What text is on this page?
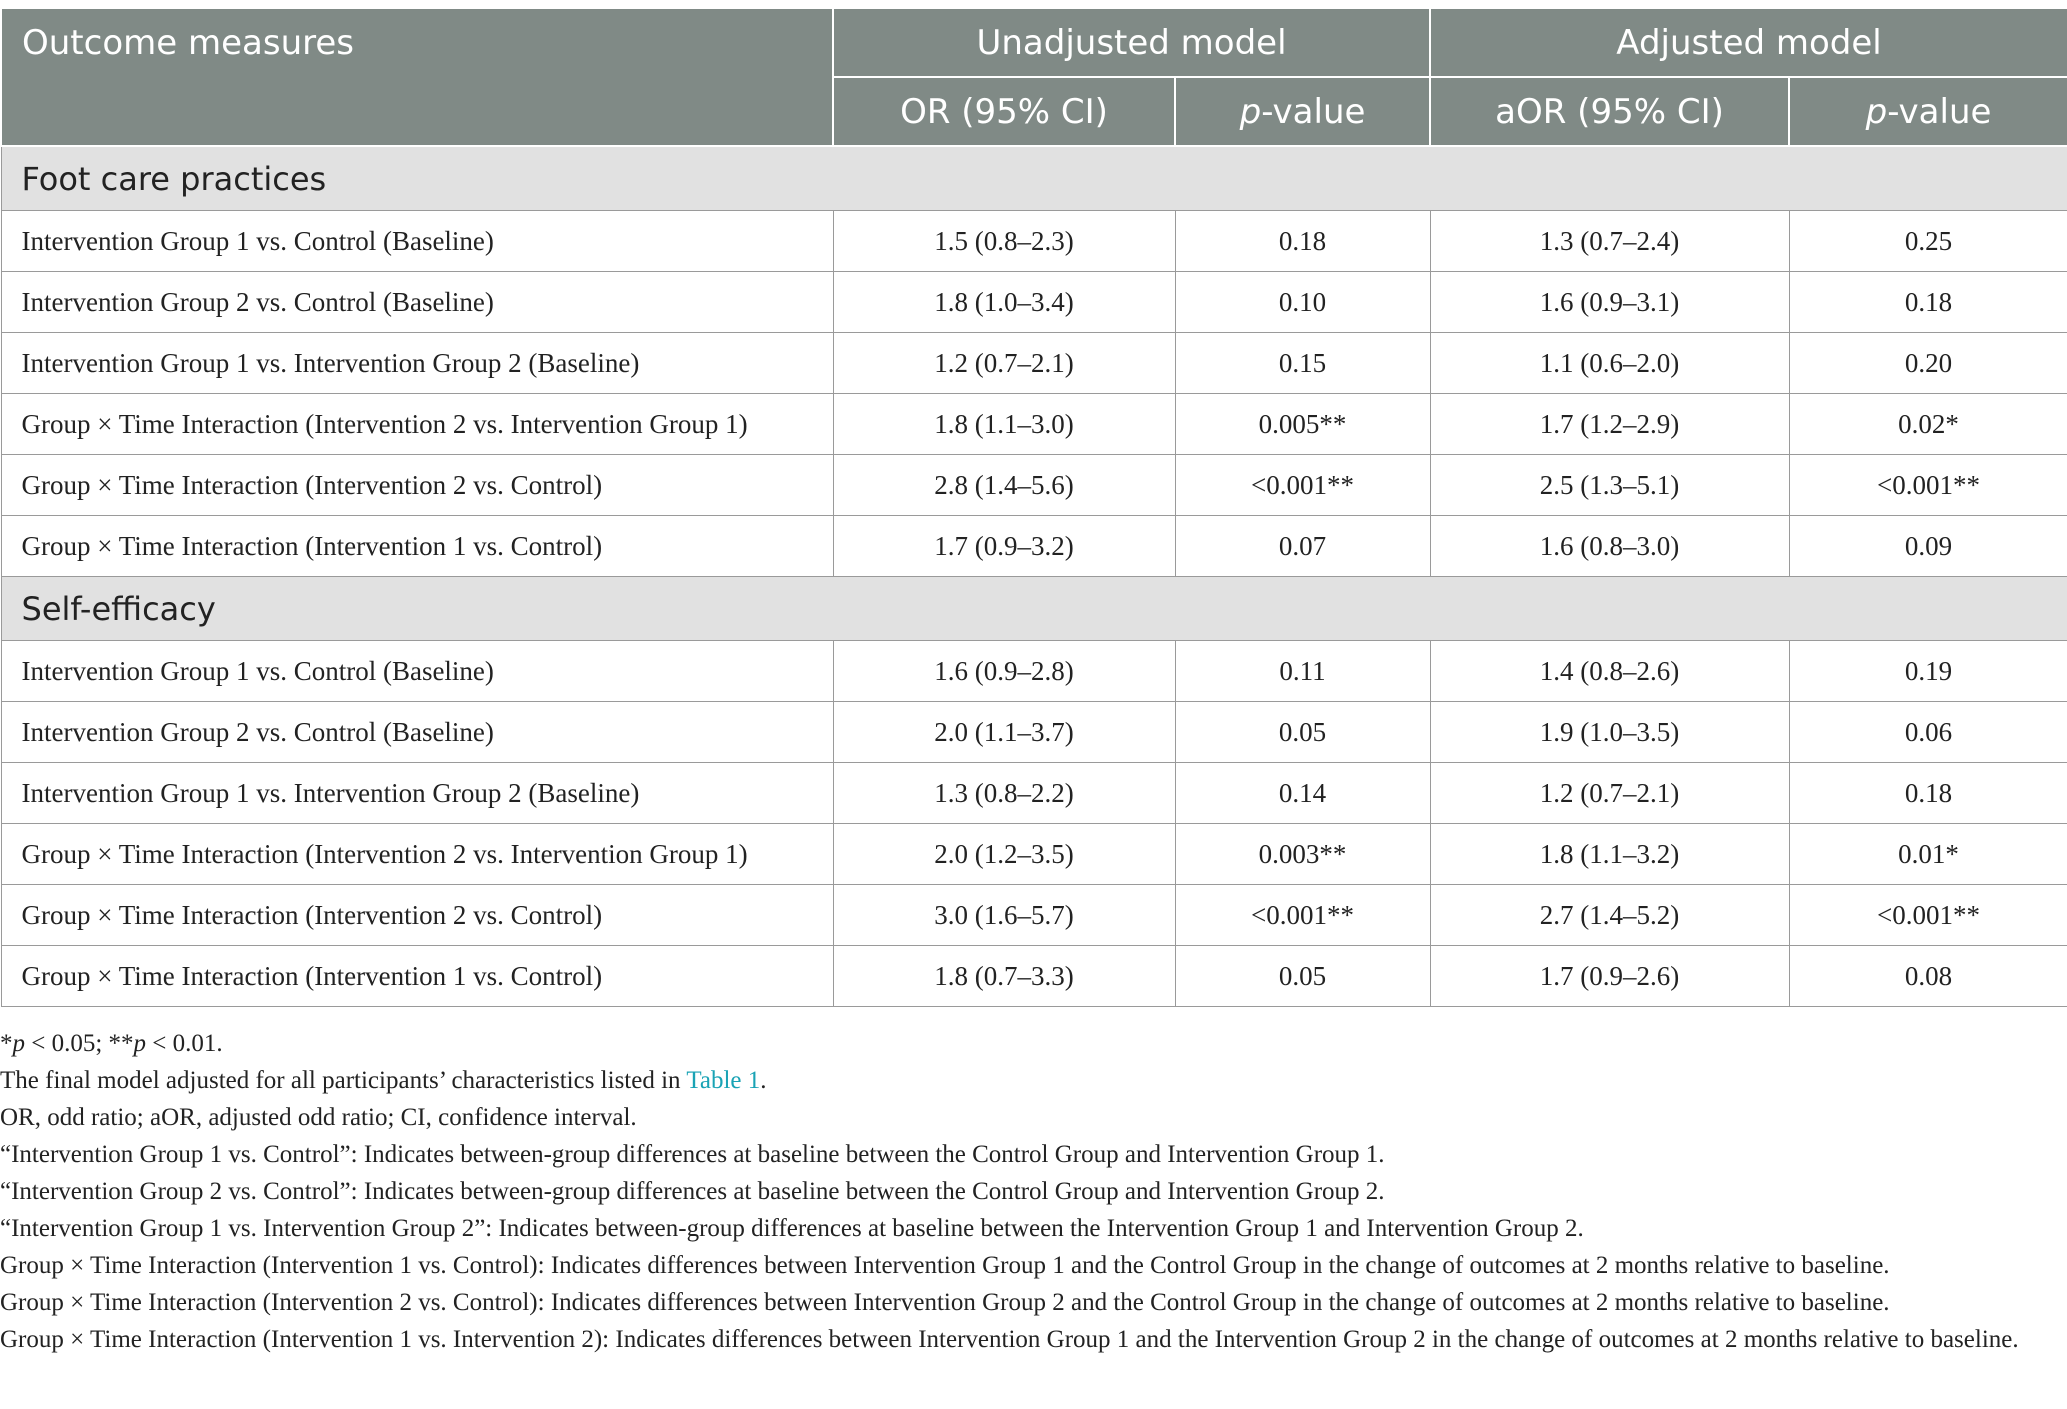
Outcome measures	Unadjusted model		Adjusted model	
	OR (95% CI)	p-value	aOR (95% CI)	p-value
Foot care practices				
Intervention Group 1 vs. Control (Baseline)	1.5 (0.8–2.3)	0.18	1.3 (0.7–2.4)	0.25
Intervention Group 2 vs. Control (Baseline)	1.8 (1.0–3.4)	0.10	1.6 (0.9–3.1)	0.18
Intervention Group 1 vs. Intervention Group 2 (Baseline)	1.2 (0.7–2.1)	0.15	1.1 (0.6–2.0)	0.20
Group × Time Interaction (Intervention 2 vs. Intervention Group 1)	1.8 (1.1–3.0)	0.005**	1.7 (1.2–2.9)	0.02*
Group × Time Interaction (Intervention 2 vs. Control)	2.8 (1.4–5.6)	<0.001**	2.5 (1.3–5.1)	<0.001**
Group × Time Interaction (Intervention 1 vs. Control)	1.7 (0.9–3.2)	0.07	1.6 (0.8–3.0)	0.09
Self-efficacy				
Intervention Group 1 vs. Control (Baseline)	1.6 (0.9–2.8)	0.11	1.4 (0.8–2.6)	0.19
Intervention Group 2 vs. Control (Baseline)	2.0 (1.1–3.7)	0.05	1.9 (1.0–3.5)	0.06
Intervention Group 1 vs. Intervention Group 2 (Baseline)	1.3 (0.8–2.2)	0.14	1.2 (0.7–2.1)	0.18
Group × Time Interaction (Intervention 2 vs. Intervention Group 1)	2.0 (1.2–3.5)	0.003**	1.8 (1.1–3.2)	0.01*
Group × Time Interaction (Intervention 2 vs. Control)	3.0 (1.6–5.7)	<0.001**	2.7 (1.4–5.2)	<0.001**
Group × Time Interaction (Intervention 1 vs. Control)	1.8 (0.7–3.3)	0.05	1.7 (0.9–2.6)	0.08

*p < 0.05; **p < 0.01.

The final model adjusted for all participants’ characteristics listed in Table 1.

OR, odd ratio; aOR, adjusted odd ratio; CI, confidence interval.

“Intervention Group 1 vs. Control”: Indicates between-group differences at baseline between the Control Group and Intervention Group 1.

“Intervention Group 2 vs. Control”: Indicates between-group differences at baseline between the Control Group and Intervention Group 2.

“Intervention Group 1 vs. Intervention Group 2”: Indicates between-group differences at baseline between the Intervention Group 1 and Intervention Group 2.

Group × Time Interaction (Intervention 1 vs. Control): Indicates differences between Intervention Group 1 and the Control Group in the change of outcomes at 2 months relative to baseline.

Group × Time Interaction (Intervention 2 vs. Control): Indicates differences between Intervention Group 2 and the Control Group in the change of outcomes at 2 months relative to baseline.

Group × Time Interaction (Intervention 1 vs. Intervention 2): Indicates differences between Intervention Group 1 and the Intervention Group 2 in the change of outcomes at 2 months relative to baseline.
